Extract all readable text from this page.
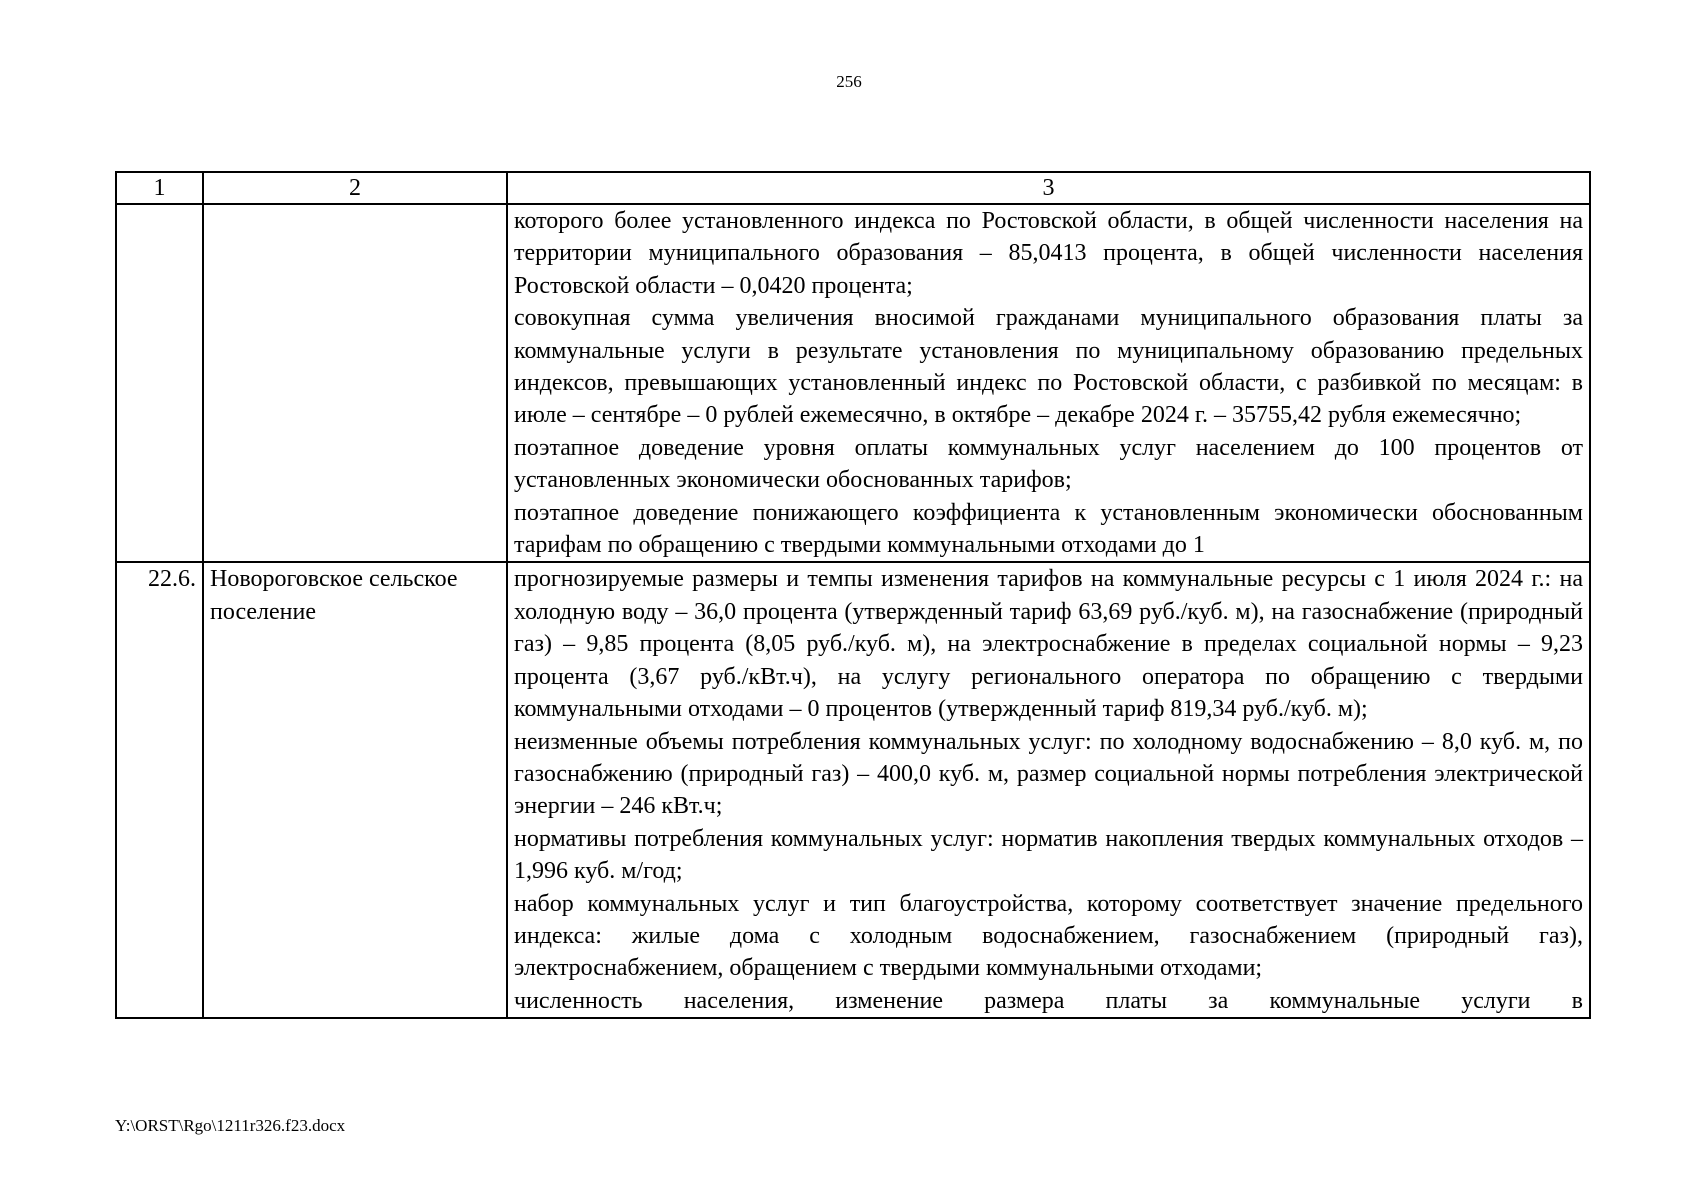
256
1	2	3

		которого более установленного индекса по Ростовской области, в общей численности населения на территории муниципального образования – 85,0413 процента, в общей численности населения Ростовской области – 0,0420 процента;

совокупная сумма увеличения вносимой гражданами муниципального образования платы за коммунальные услуги в результате установления по муниципальному образованию предельных индексов, превышающих установленный индекс по Ростовской области, с разбивкой по месяцам: в июле – сентябре – 0 рублей ежемесячно, в октябре – декабре 2024 г. – 35755,42 рубля ежемесячно;

поэтапное доведение уровня оплаты коммунальных услуг населением до 100 процентов от установленных экономически обоснованных тарифов;

поэтапное доведение понижающего коэффициента к установленным экономически обоснованным тарифам по обращению с твердыми коммунальными отходами до 1

22.6.	Новороговское сельское поселение	прогнозируемые размеры и темпы изменения тарифов на коммунальные ресурсы с 1 июля 2024 г.: на холодную воду – 36,0 процента (утвержденный тариф 63,69 руб./куб. м), на газоснабжение (природный газ) – 9,85 процента (8,05 руб./куб. м), на электроснабжение в пределах социальной нормы – 9,23 процента (3,67 руб./кВт.ч), на услугу регионального оператора по обращению с твердыми коммунальными отходами – 0 процентов (утвержденный тариф 819,34 руб./куб. м);

неизменные объемы потребления коммунальных услуг: по холодному водоснабжению – 8,0 куб. м, по газоснабжению (природный газ) – 400,0 куб. м, размер социальной нормы потребления электрической энергии – 246 кВт.ч;

нормативы потребления коммунальных услуг: норматив накопления твердых коммунальных отходов – 1,996 куб. м/год;

набор коммунальных услуг и тип благоустройства, которому соответствует значение предельного индекса: жилые дома с холодным водоснабжением, газоснабжением (природный газ), электроснабжением, обращением с твердыми коммунальными отходами;

численность населения, изменение размера платы за коммунальные услуги в

Y:\ORST\Rgo\1211r326.f23.docx
